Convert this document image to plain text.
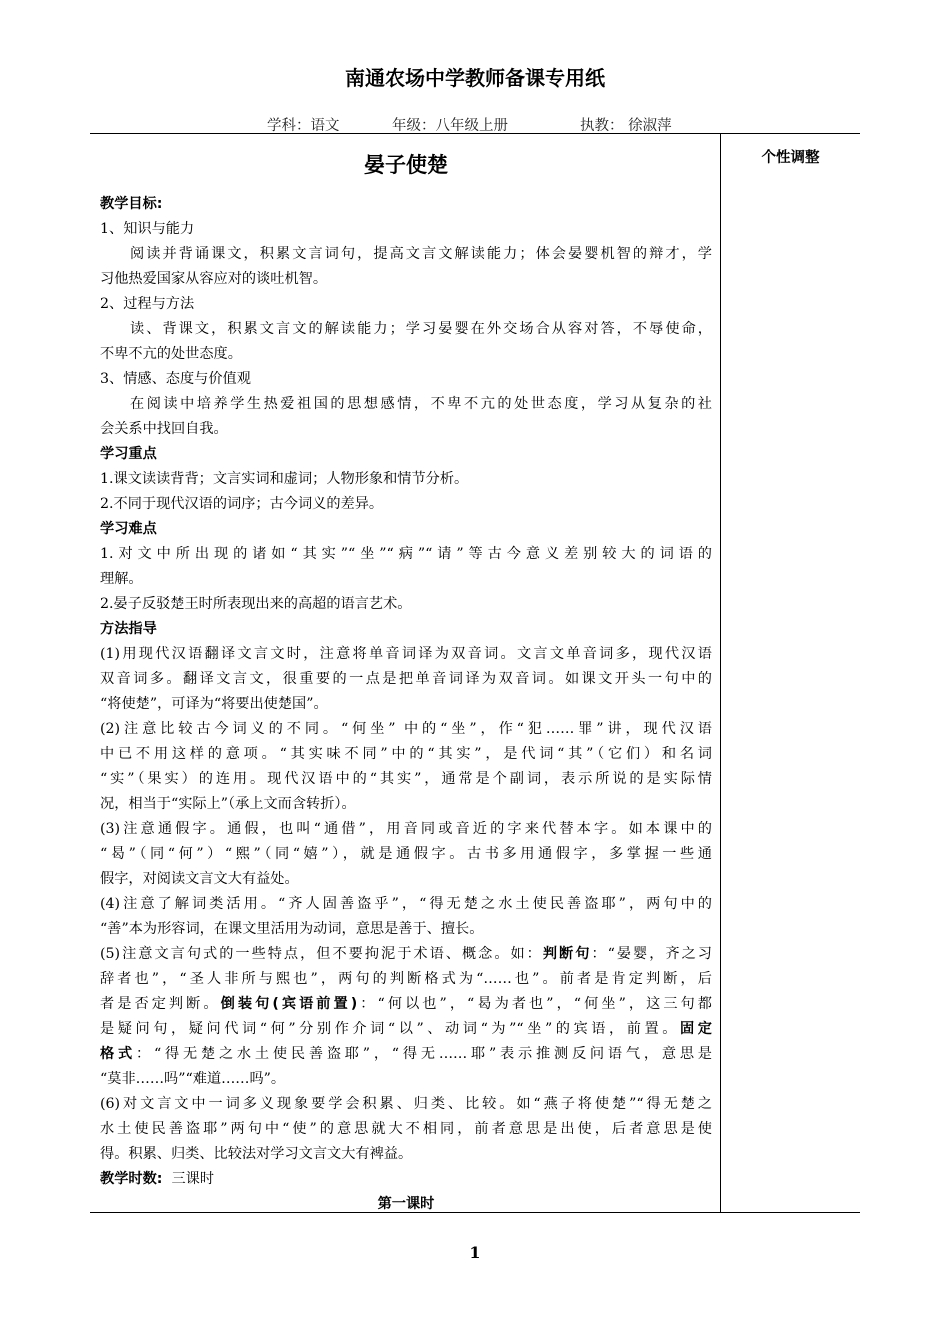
南通农场中学教师备课专用纸
学科：语文	年级：八年级上册	执教： 徐淑萍
个性调整
晏子使楚
教学目标:
1、知识与能力
阅读并背诵课文，积累文言词句，提高文言文解读能力；体会晏婴机智的辩才，学
习他热爱国家从容应对的谈吐机智。
2、过程与方法
读、背课文，积累文言文的解读能力；学习晏婴在外交场合从容对答，不辱使命，
不卑不亢的处世态度。
3、情感、态度与价值观
在阅读中培养学生热爱祖国的思想感情，不卑不亢的处世态度，学习从复杂的社
会关系中找回自我。
学习重点
1.课文读读背背；文言实词和虚词；人物形象和情节分析。
2.不同于现代汉语的词序；古今词义的差异。
学习难点
1.对文中所出现的诸如“其实”“坐”“病”“请”等古今意义差别较大的词语的
理解。
2.晏子反驳楚王时所表现出来的高超的语言艺术。
方法指导
(1)用现代汉语翻译文言文时，注意将单音词译为双音词。文言文单音词多，现代汉语
双音词多。翻译文言文，很重要的一点是把单音词译为双音词。如课文开头一句中的
“将使楚”，可译为“将要出使楚国”。
(2)注意比较古今词义的不同。“何坐” 中的“坐”，作“犯……罪”讲，现代汉语
中已不用这样的意项。“其实味不同”中的“其实”，是代词“其”（它们）和名词
“实”（果实）的连用。现代汉语中的“其实”，通常是个副词，表示所说的是实际情
况，相当于“实际上”（承上文而含转折）。
(3)注意通假字。通假，也叫“通借”，用音同或音近的字来代替本字。如本课中的
“曷”（同“何”）“熙”（同“嬉”），就是通假字。古书多用通假字，多掌握一些通
假字，对阅读文言文大有益处。
(4)注意了解词类活用。“齐人固善盗乎”，“得无楚之水土使民善盗耶”，两句中的
“善”本为形容词，在课文里活用为动词，意思是善于、擅长。
(5)注意文言句式的一些特点，但不要拘泥于术语、概念。如：判断句：“晏婴，齐之习
辞者也”，“圣人非所与熙也”，两句的判断格式为“……也”。前者是肯定判断，后
者是否定判断。倒装句(宾语前置)：“何以也”，“曷为者也”，“何坐”，这三句都
是疑问句，疑问代词“何”分别作介词“以”、动词“为”“坐”的宾语，前置。固定
格式：“得无楚之水土使民善盗耶”，“得无……耶”表示推测反问语气，意思是
“莫非……吗”“难道……吗”。
(6)对文言文中一词多义现象要学会积累、归类、比较。如“燕子将使楚”“得无楚之
水土使民善盗耶”两句中“使”的意思就大不相同，前者意思是出使，后者意思是使
得。积累、归类、比较法对学习文言文大有裨益。
教学时数: 三课时
第一课时
1
